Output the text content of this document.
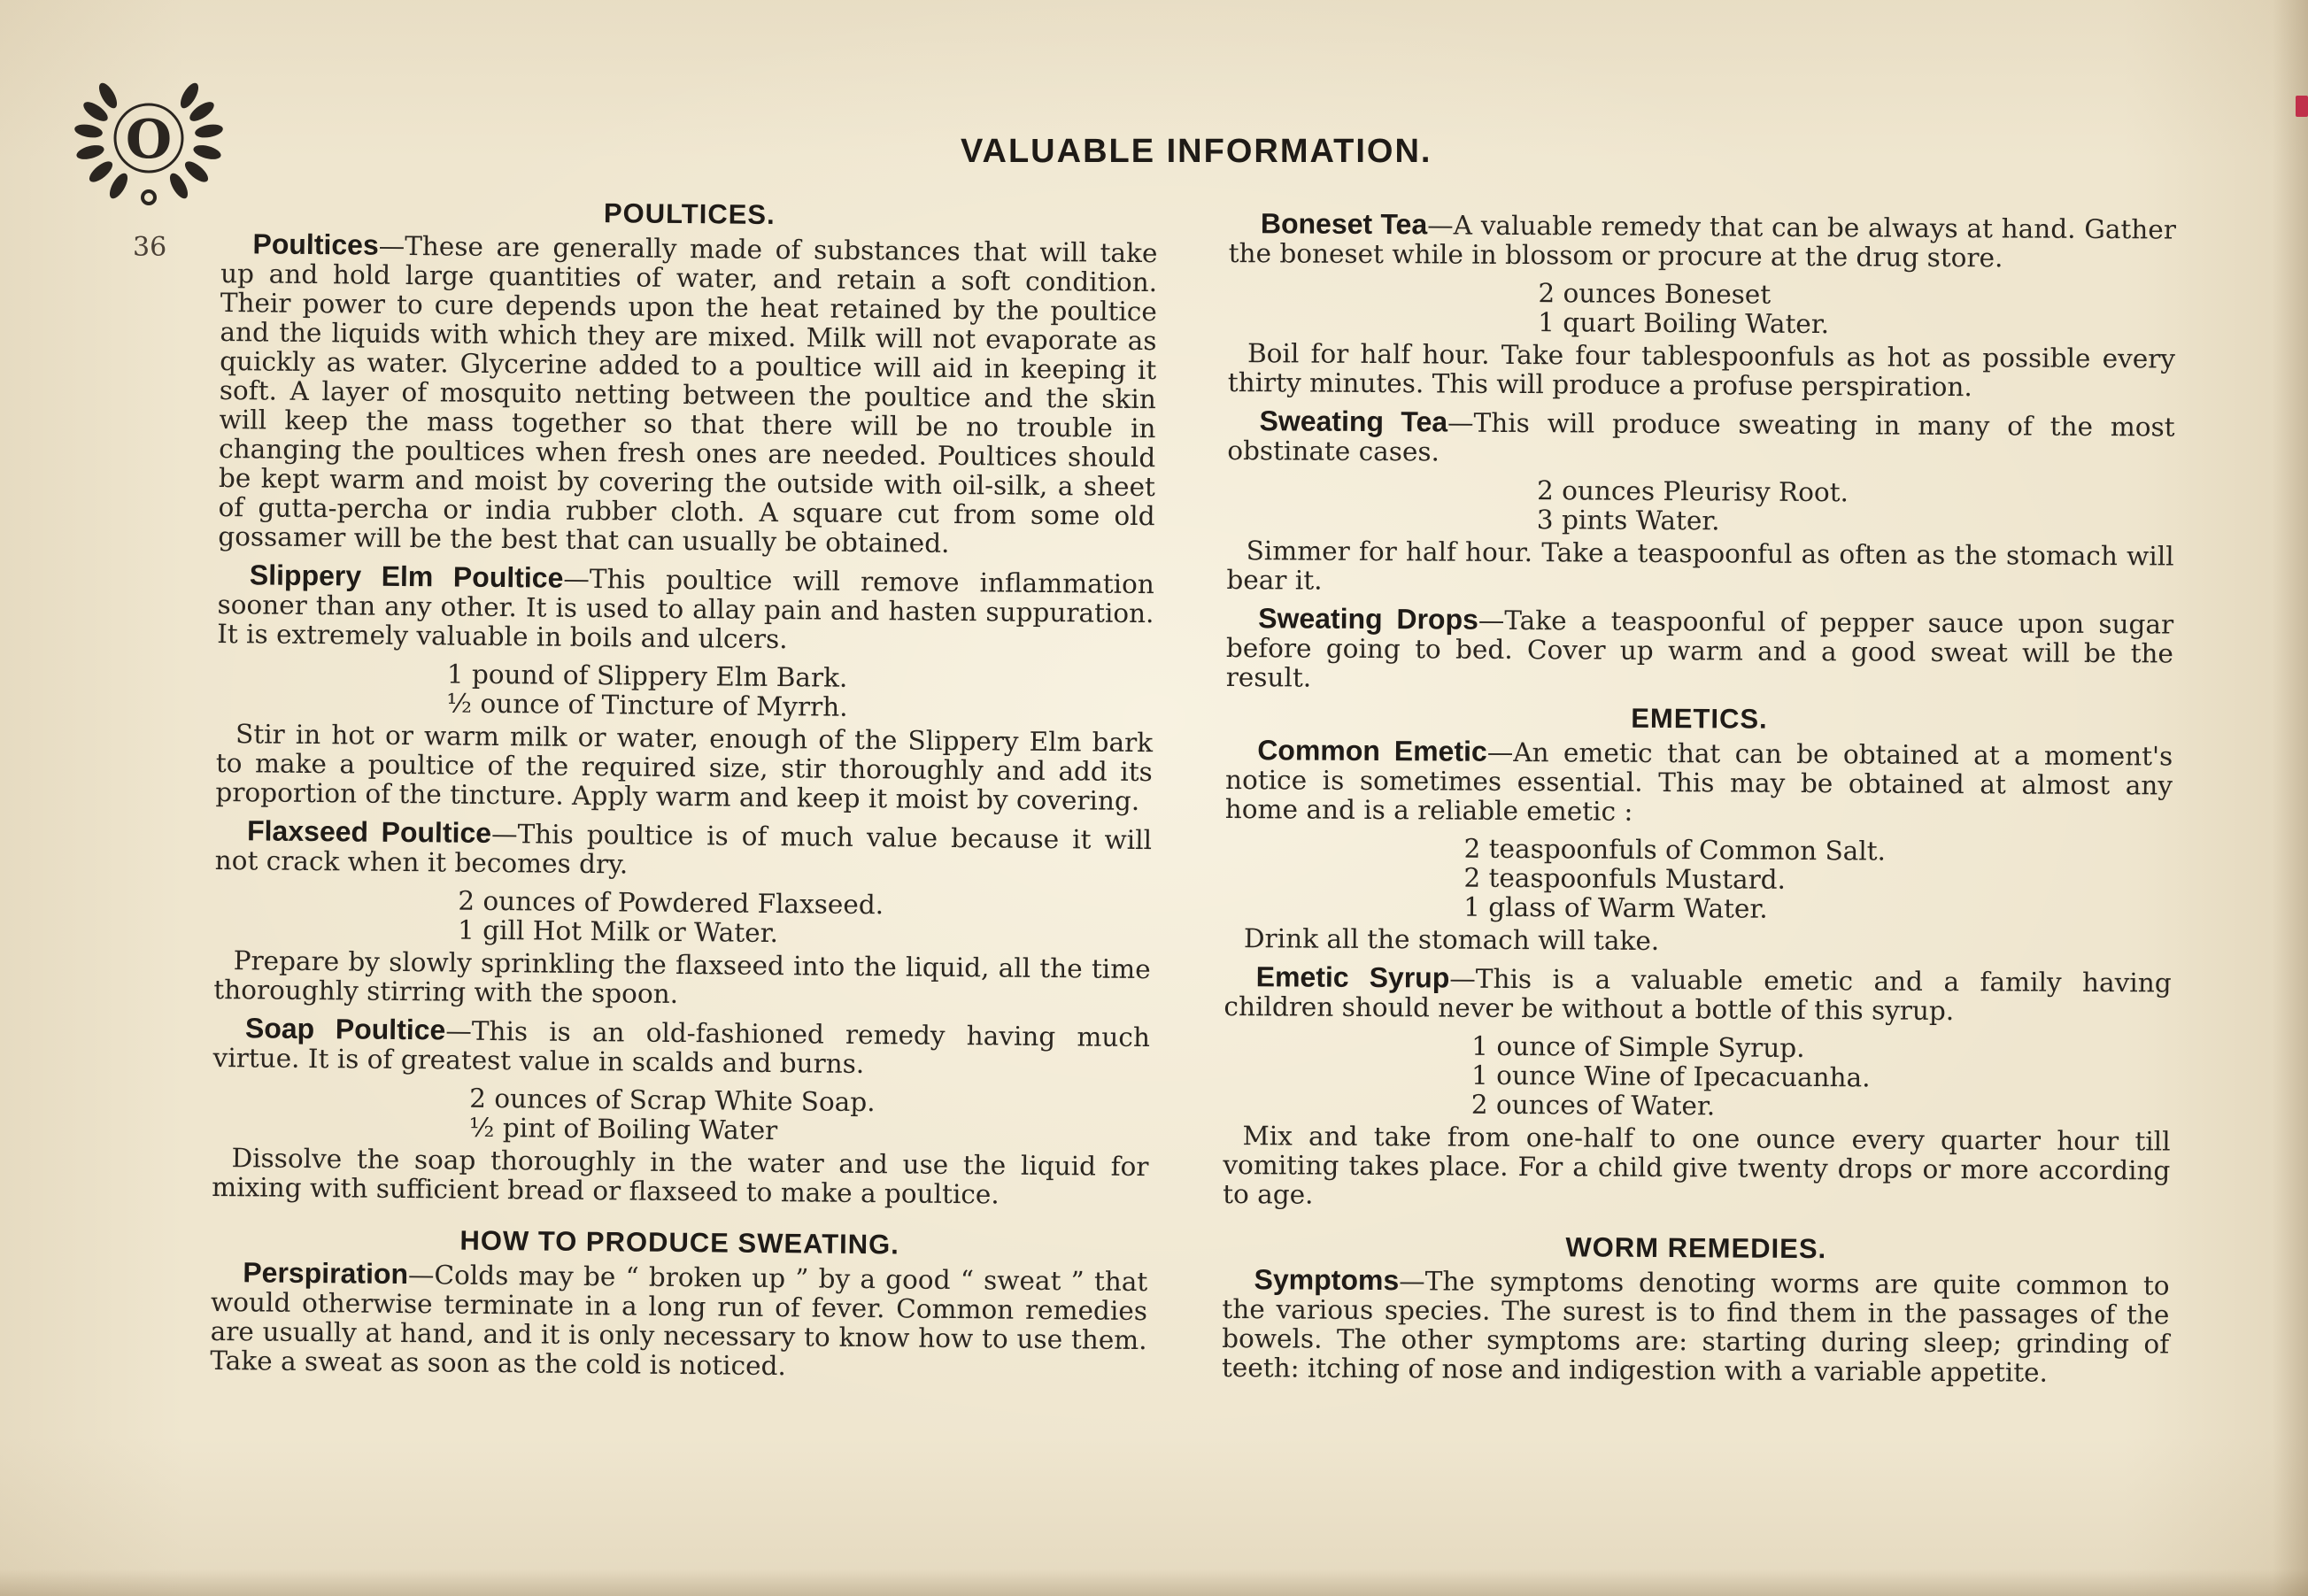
O
36
VALUABLE INFORMATION.
POULTICES.

Poultices—These are generally made of substances that will take up and hold large quantities of water, and retain a soft condition. Their power to cure depends upon the heat retained by the poultice and the liquids with which they are mixed. Milk will not evaporate as quickly as water. Glycerine added to a poultice will aid in keeping it soft. A layer of mosquito netting between the poultice and the skin will keep the mass together so that there will be no trouble in changing the poultices when fresh ones are needed. Poultices should be kept warm and moist by covering the outside with oil-silk, a sheet of gutta-percha or india rubber cloth. A square cut from some old gossamer will be the best that can usually be obtained.

Slippery Elm Poultice—This poultice will remove inflammation sooner than any other. It is used to allay pain and hasten suppuration. It is extremely valuable in boils and ulcers.

1 pound of Slippery Elm Bark.
½ ounce of Tincture of Myrrh.

Stir in hot or warm milk or water, enough of the Slippery Elm bark to make a poultice of the required size, stir thoroughly and add its proportion of the tincture. Apply warm and keep it moist by covering.

Flaxseed Poultice—This poultice is of much value because it will not crack when it becomes dry.

2 ounces of Powdered Flaxseed.
1 gill Hot Milk or Water.

Prepare by slowly sprinkling the flaxseed into the liquid, all the time thoroughly stirring with the spoon.

Soap Poultice—This is an old-fashioned remedy having much virtue. It is of greatest value in scalds and burns.

2 ounces of Scrap White Soap.
½ pint of Boiling Water

Dissolve the soap thoroughly in the water and use the liquid for mixing with sufficient bread or flaxseed to make a poultice.

HOW TO PRODUCE SWEATING.

Perspiration—Colds may be “ broken up ” by a good “ sweat ” that would otherwise terminate in a long run of fever. Common remedies are usually at hand, and it is only necessary to know how to use them. Take a sweat as soon as the cold is noticed.

Boneset Tea—A valuable remedy that can be always at hand. Gather the boneset while in blossom or procure at the drug store.

2 ounces Boneset
1 quart Boiling Water.

Boil for half hour. Take four tablespoonfuls as hot as possible every thirty minutes. This will produce a profuse perspiration.

Sweating Tea—This will produce sweating in many of the most obstinate cases.

2 ounces Pleurisy Root.
3 pints Water.

Simmer for half hour. Take a teaspoonful as often as the stomach will bear it.

Sweating Drops—Take a teaspoonful of pepper sauce upon sugar before going to bed. Cover up warm and a good sweat will be the result.

EMETICS.

Common Emetic—An emetic that can be obtained at a moment's notice is sometimes essential. This may be obtained at almost any home and is a reliable emetic :

2 teaspoonfuls of Common Salt.
2 teaspoonfuls Mustard.
1 glass of Warm Water.

Drink all the stomach will take.

Emetic Syrup—This is a valuable emetic and a family having children should never be without a bottle of this syrup.

1 ounce of Simple Syrup.
1 ounce Wine of Ipecacuanha.
2 ounces of Water.

Mix and take from one-half to one ounce every quarter hour till vomiting takes place. For a child give twenty drops or more according to age.

WORM REMEDIES.

Symptoms—The symptoms denoting worms are quite common to the various species. The surest is to find them in the passages of the bowels. The other symptoms are: starting during sleep; grinding of teeth: itching of nose and indigestion with a variable appetite.
